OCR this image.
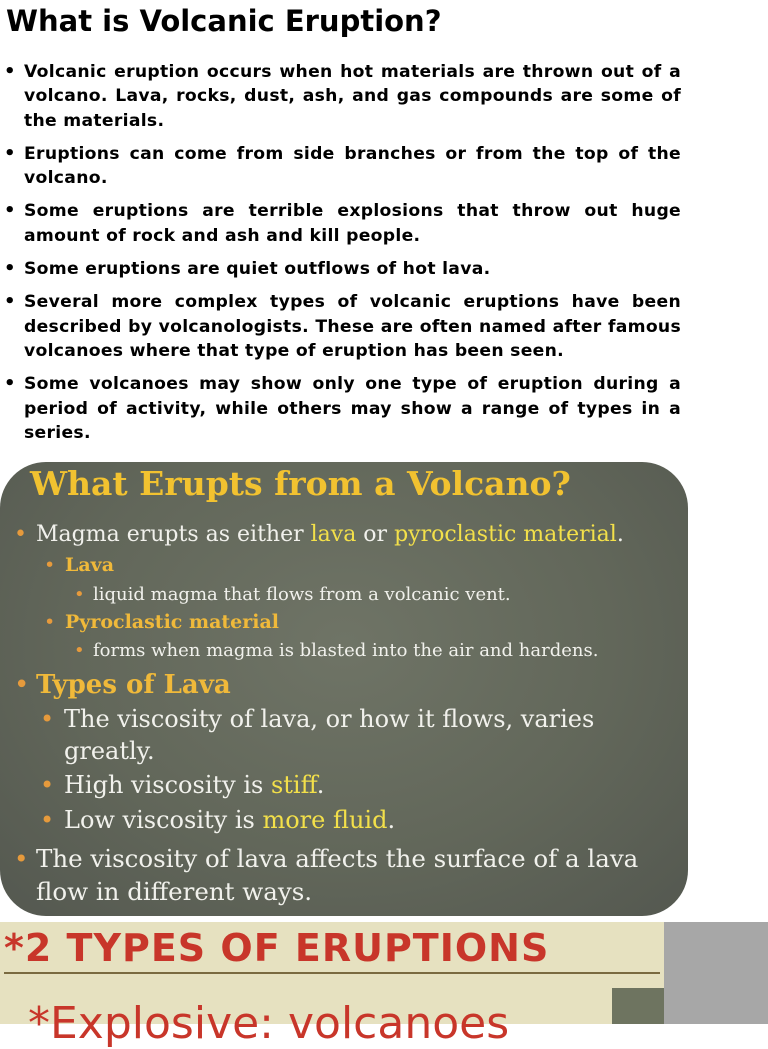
What is Volcanic Eruption?
• Volcanic eruption occurs when hot materials are thrown out of a volcano. Lava, rocks, dust, ash, and gas compounds are some of the materials.
• Eruptions can come from side branches or from the top of the volcano.
• Some eruptions are terrible explosions that throw out huge amount of rock and ash and kill people.
• Some eruptions are quiet outflows of hot lava.
• Several more complex types of volcanic eruptions have been described by volcanologists. These are often named after famous volcanoes where that type of eruption has been seen.
• Some volcanoes may show only one type of eruption during a period of activity, while others may show a range of types in a series.
What Erupts from a Volcano?
• Magma erupts as either lava or pyroclastic material.
• Lava
• liquid magma that flows from a volcanic vent.
• Pyroclastic material
• forms when magma is blasted into the air and hardens.
• Types of Lava
• The viscosity of lava, or how it flows, varies
greatly.
• High viscosity is stiff.
• Low viscosity is more fluid.
• The viscosity of lava affects the surface of a lava
flow in different ways.
*2 TYPES OF ERUPTIONS
*Explosive: volcanoes
